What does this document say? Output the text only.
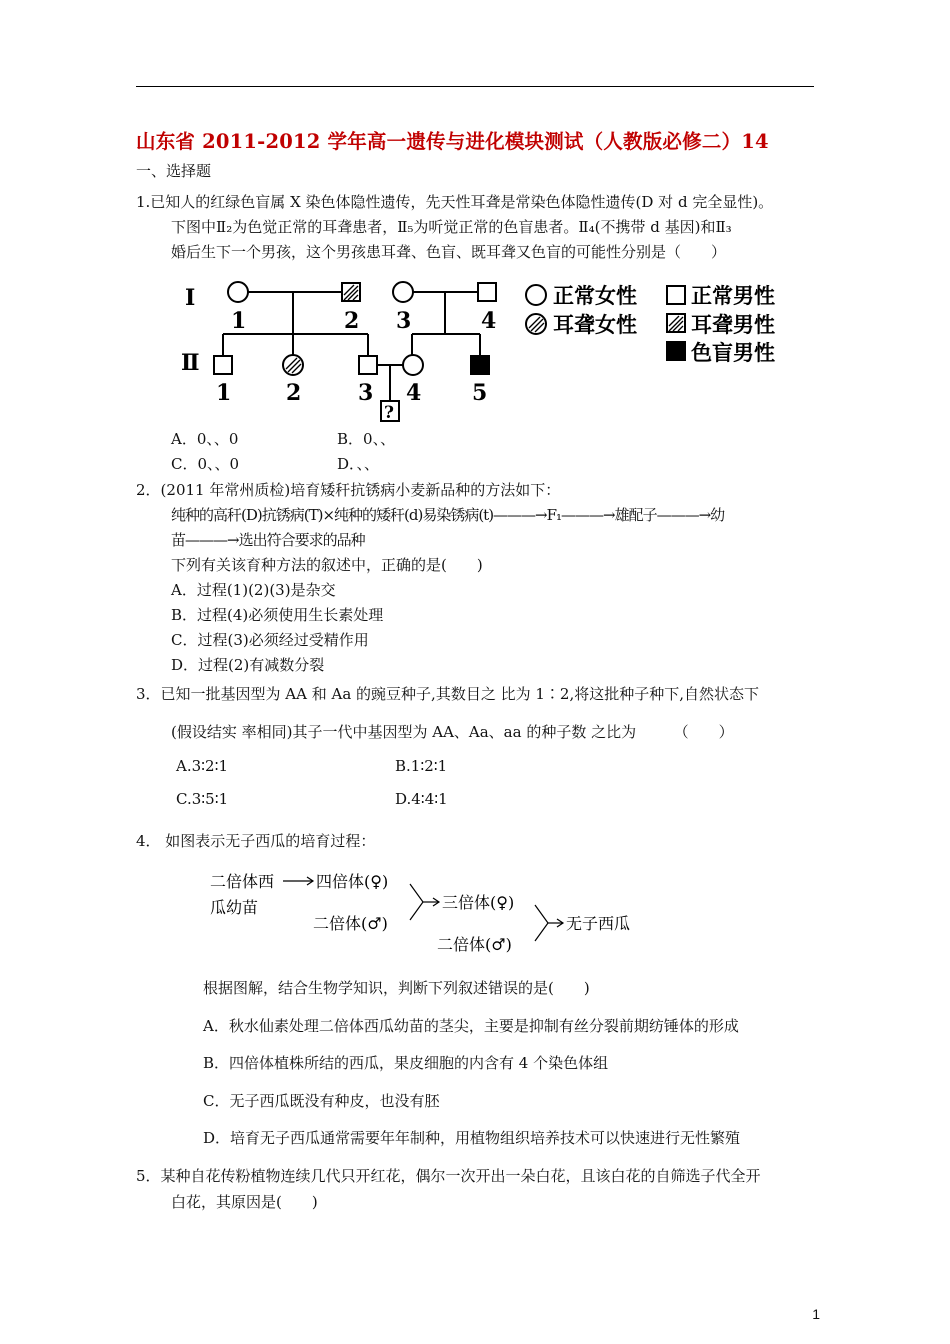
山东省 2011-2012 学年高一遗传与进化模块测试（人教版必修二）14
一、选择题
1.已知人的红绿色盲属 X 染色体隐性遗传，先天性耳聋是常染色体隐性遗传(D 对 d 完全显性)。
下图中Ⅱ₂为色觉正常的耳聋患者，Ⅱ₅为听觉正常的色盲患者。Ⅱ₄(不携带 d 基因)和Ⅱ₃
婚后生下一个男孩，这个男孩患耳聋、色盲、既耳聋又色盲的可能性分别是（　　）
Ⅰ
Ⅱ
1	2 3	4
1 2	3 4 5
?
正常女性
耳聋女性
正常男性
耳聋男性
色盲男性
A．0、、0	B．0、、
C．0、、0	D．、、
2．(2011 年常州质检)培育矮秆抗锈病小麦新品种的方法如下：
纯种的高秆(D)抗锈病(T)×纯种的矮秆(d)易染锈病(t)———→F₁———→雄配子———→幼
苗———→选出符合要求的品种
下列有关该育种方法的叙述中，正确的是(　　)
A．过程(1)(2)(3)是杂交
B．过程(4)必须使用生长素处理
C．过程(3)必须经过受精作用
D．过程(2)有减数分裂
3．已知一批基因型为 AA 和 Aa 的豌豆种子,其数目之 比为 1∶2,将这批种子种下,自然状态下
(假设结实 率相同)其子一代中基因型为 AA、Aa、aa 的种子数 之比为　　　（　　）
A.3∶2∶1	B.1∶2∶1
C.3∶5∶1	D.4∶4∶1
4． 如图表示无子西瓜的培育过程：
二倍体西
瓜幼苗
四倍体(♀)
二倍体(♂)
三倍体(♀)
二倍体(♂)
无子西瓜
根据图解，结合生物学知识，判断下列叙述错误的是(　　)
A．秋水仙素处理二倍体西瓜幼苗的茎尖，主要是抑制有丝分裂前期纺锤体的形成
B．四倍体植株所结的西瓜，果皮细胞的内含有 4 个染色体组
C．无子西瓜既没有种皮，也没有胚
D．培育无子西瓜通常需要年年制种，用植物组织培养技术可以快速进行无性繁殖
5．某种自花传粉植物连续几代只开红花，偶尔一次开出一朵白花，且该白花的自筛选子代全开
白花，其原因是(　　)
1
